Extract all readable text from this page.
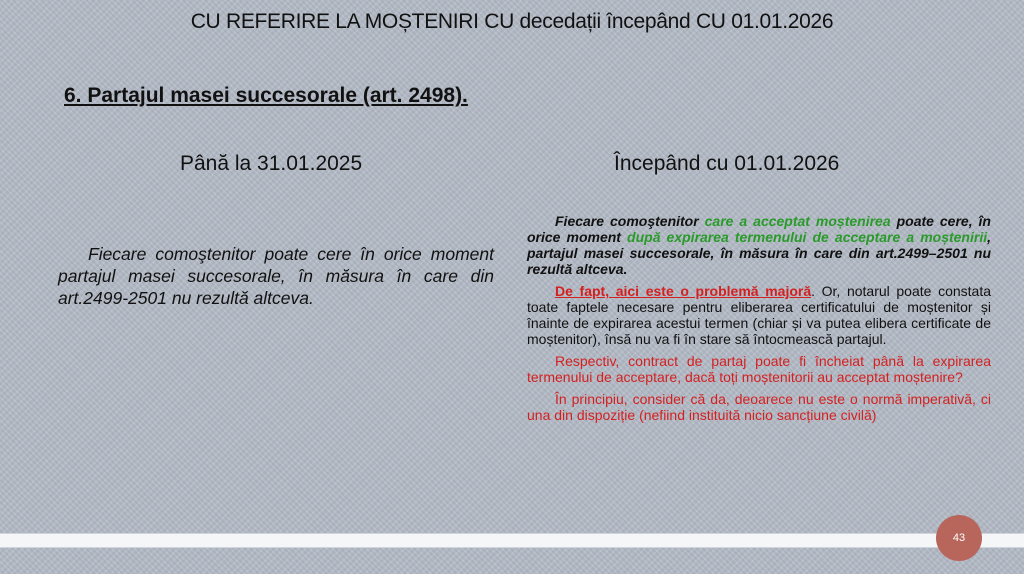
CU REFERIRE LA MOȘTENIRI CU decedații începând CU 01.01.2026
6. Partajul masei succesorale (art. 2498).
Până la 31.01.2025	Începând cu 01.01.2026
Fiecare comoştenitor poate cere în orice moment partajul masei succesorale, în măsura în care din art.2499-2501 nu rezultă altceva.

Fiecare comoştenitor care a acceptat moștenirea poate cere, în orice moment după expirarea termenului de acceptare a moștenirii, partajul masei succesorale, în măsura în care din art.2499–2501 nu rezultă altceva.

De fapt, aici este o problemă majoră. Or, notarul poate constata toate faptele necesare pentru eliberarea certificatului de moștenitor și înainte de expirarea acestui termen (chiar și va putea elibera certificate de moștenitor), însă nu va fi în stare să întocmească partajul.

Respectiv, contract de partaj poate fi încheiat până la expirarea termenului de acceptare, dacă toți moștenitorii au acceptat moștenire?

În principiu, consider că da, deoarece nu este o normă imperativă, ci una din dispoziție (nefiind instituită nicio sancțiune civilă)

43
